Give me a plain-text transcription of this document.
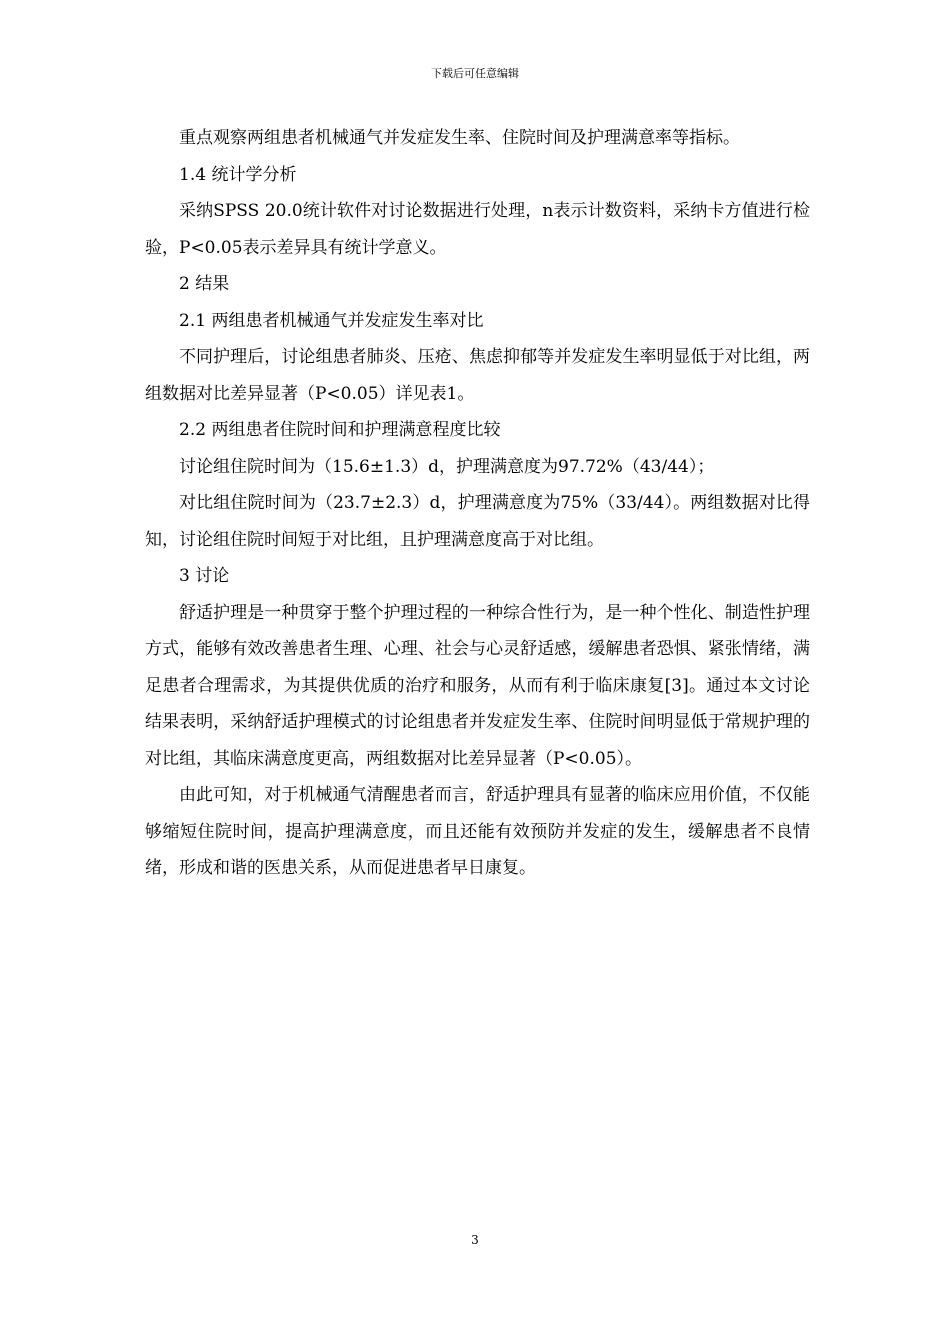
下载后可任意编辑

重点观察两组患者机械通气并发症发生率、住院时间及护理满意率等指标。

1.4 统计学分析

采纳SPSS 20.0统计软件对讨论数据进行处理，n表示计数资料，采纳卡方值进行检验，P<0.05表示差异具有统计学意义。

2 结果

2.1 两组患者机械通气并发症发生率对比

不同护理后，讨论组患者肺炎、压疮、焦虑抑郁等并发症发生率明显低于对比组，两组数据对比差异显著（P<0.05）详见表1。

2.2 两组患者住院时间和护理满意程度比较

讨论组住院时间为（15.6±1.3）d，护理满意度为97.72%（43/44）；

对比组住院时间为（23.7±2.3）d，护理满意度为75%（33/44）。两组数据对比得知，讨论组住院时间短于对比组，且护理满意度高于对比组。

3 讨论

舒适护理是一种贯穿于整个护理过程的一种综合性行为，是一种个性化、制造性护理方式，能够有效改善患者生理、心理、社会与心灵舒适感，缓解患者恐惧、紧张情绪，满足患者合理需求，为其提供优质的治疗和服务，从而有利于临床康复[3]。通过本文讨论结果表明，采纳舒适护理模式的讨论组患者并发症发生率、住院时间明显低于常规护理的对比组，其临床满意度更高，两组数据对比差异显著（P<0.05）。

由此可知，对于机械通气清醒患者而言，舒适护理具有显著的临床应用价值，不仅能够缩短住院时间，提高护理满意度，而且还能有效预防并发症的发生，缓解患者不良情绪，形成和谐的医患关系，从而促进患者早日康复。

3
